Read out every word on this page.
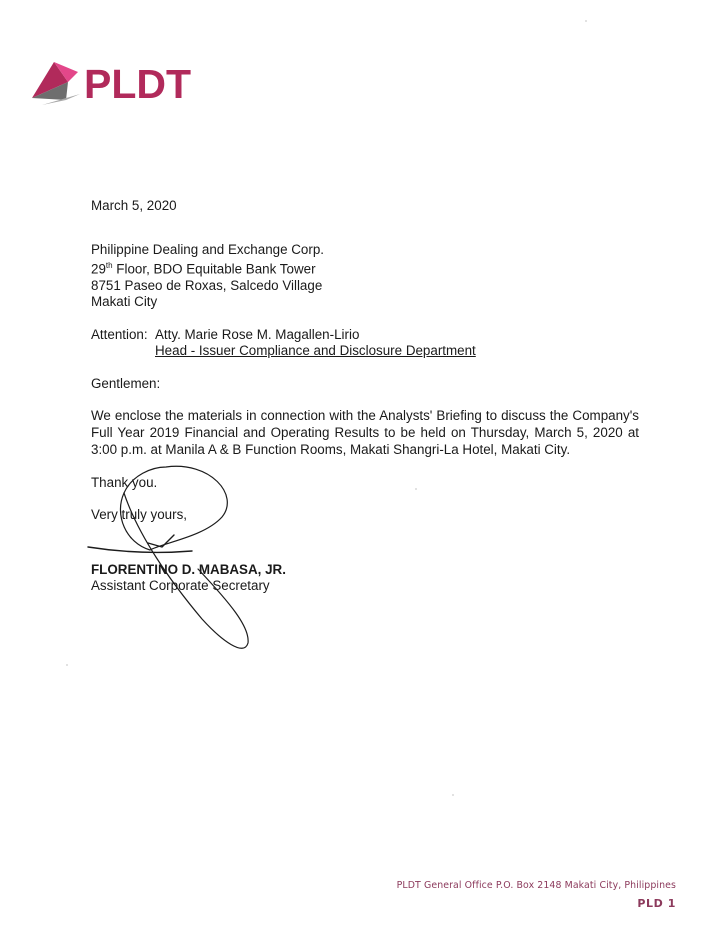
PLDT

March 5, 2020

Philippine Dealing and Exchange Corp.

29th Floor, BDO Equitable Bank Tower

8751 Paseo de Roxas, Salcedo Village

Makati City

Attention: Atty. Marie Rose M. Magallen-Lirio

Head - Issuer Compliance and Disclosure Department

Gentlemen:

We enclose the materials in connection with the Analysts' Briefing to discuss the Company's Full Year 2019 Financial and Operating Results to be held on Thursday, March 5, 2020 at 3:00 p.m. at Manila A & B Function Rooms, Makati Shangri-La Hotel, Makati City.

Thank you.

Very truly yours,

FLORENTINO D. MABASA, JR.

Assistant Corporate Secretary

PLDT General Office P.O. Box 2148 Makati City, Philippines
PLD 1
